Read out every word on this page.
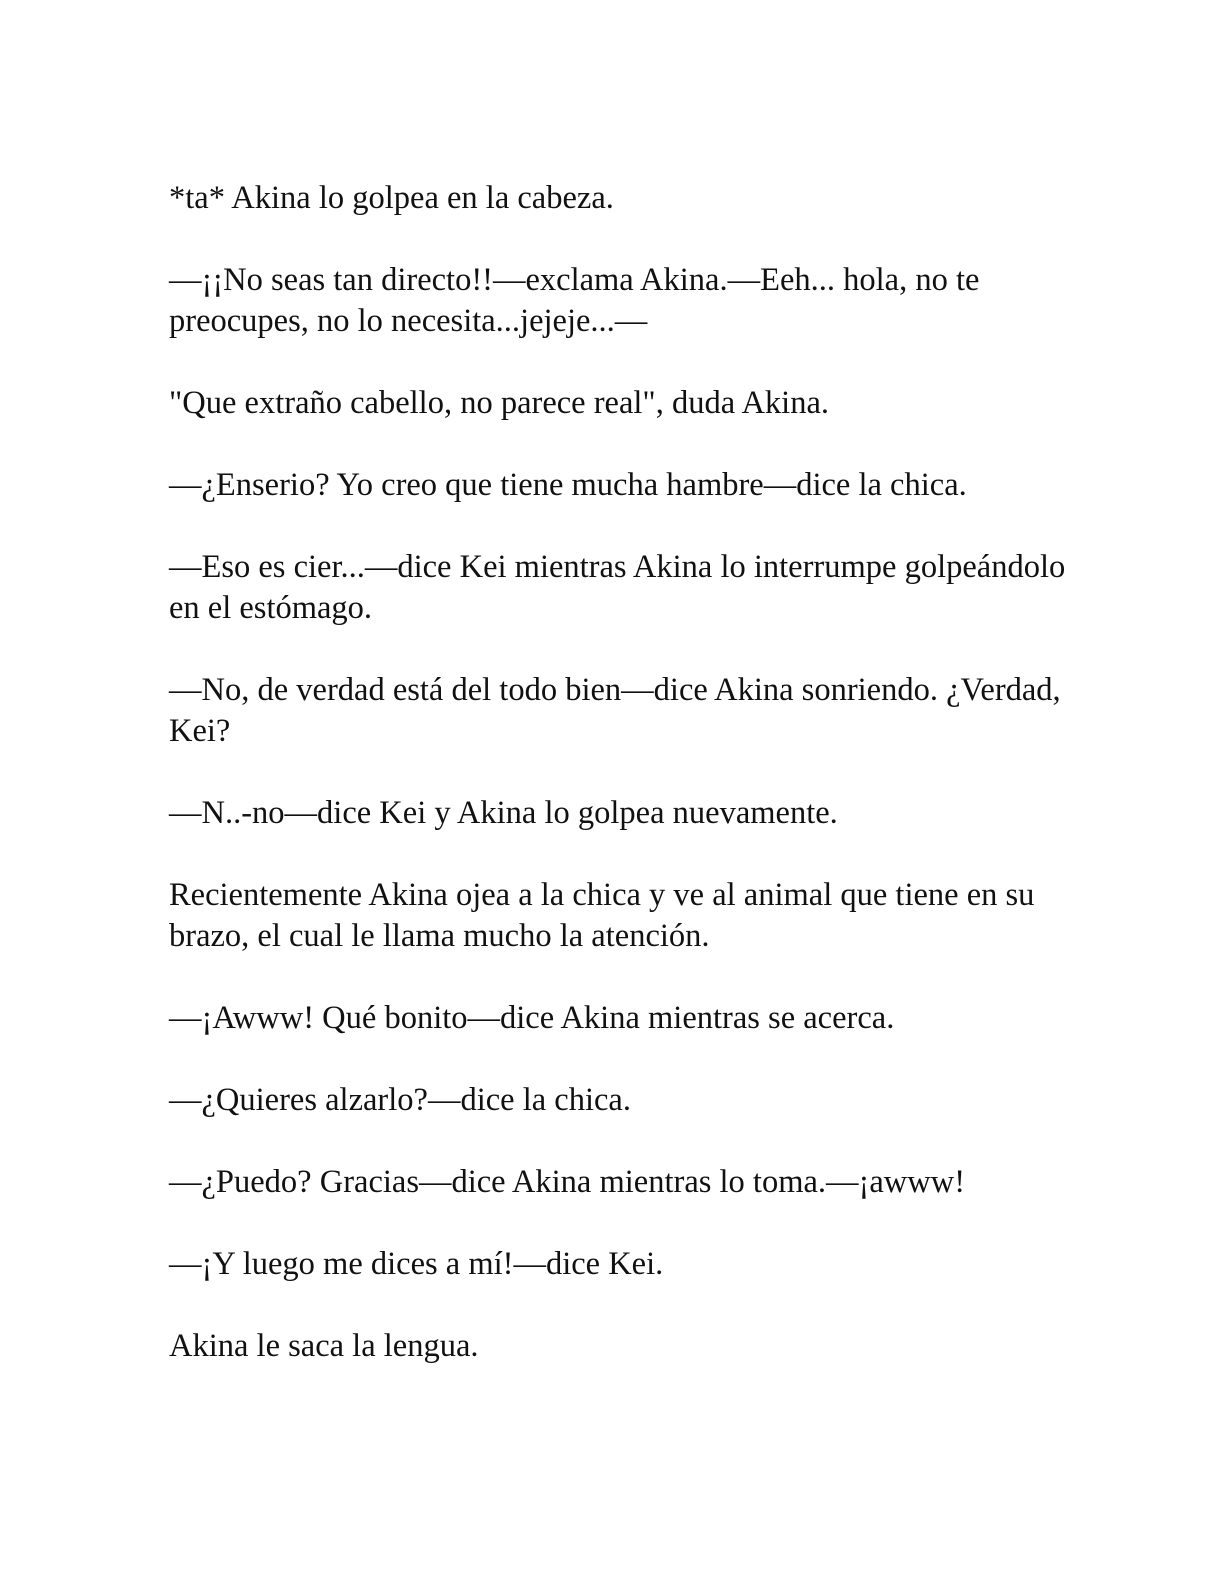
*ta* Akina lo golpea en la cabeza.

—¡¡No seas tan directo!!—exclama Akina.—Eeh... hola, no te preocupes, no lo necesita...jejeje...—

"Que extraño cabello, no parece real", duda Akina.

—¿Enserio? Yo creo que tiene mucha hambre—dice la chica.

—Eso es cier...—dice Kei mientras Akina lo interrumpe golpeándolo en el estómago.

—No, de verdad está del todo bien—dice Akina sonriendo. ¿Verdad, Kei?

—N..-no—dice Kei y Akina lo golpea nuevamente.

Recientemente Akina ojea a la chica y ve al animal que tiene en su brazo, el cual le llama mucho la atención.

—¡Awww! Qué bonito—dice Akina mientras se acerca.

—¿Quieres alzarlo?—dice la chica.

—¿Puedo? Gracias—dice Akina mientras lo toma.—¡awww!

—¡Y luego me dices a mí!—dice Kei.

Akina le saca la lengua.
